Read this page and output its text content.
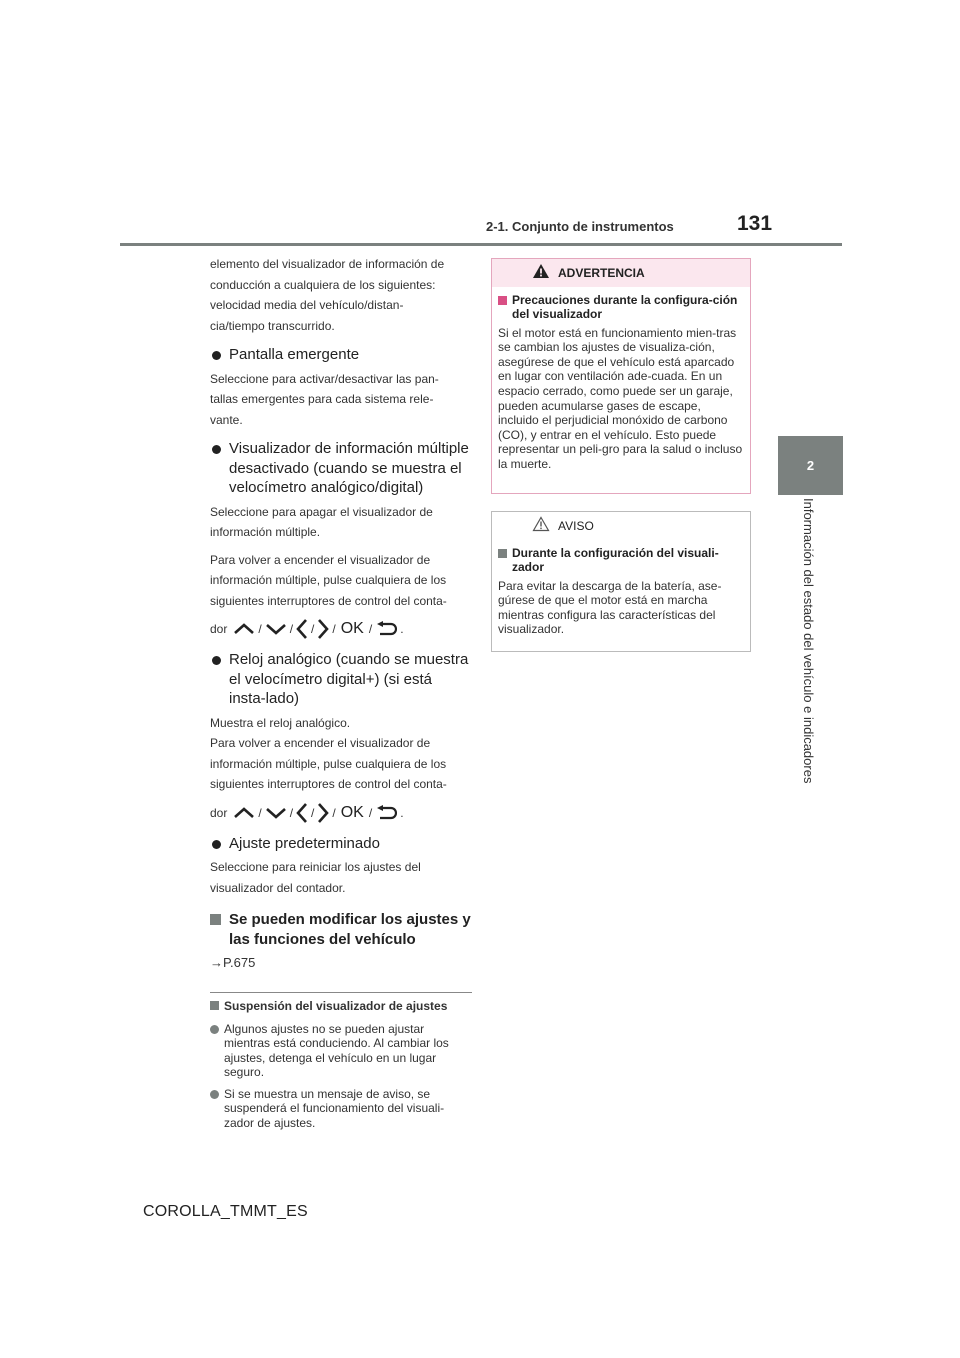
2-1. Conjunto de instrumentos	131
2
Información del estado del vehículo e indicadores
elemento del visualizador de información de
conducción a cualquiera de los siguientes:
velocidad media del vehículo/distan-
cia/tiempo transcurrido.
Pantalla emergente
Seleccione para activar/desactivar las pan-
tallas emergentes para cada sistema rele-
vante.
Visualizador de información múltiple desactivado (cuando se muestra el velocímetro analógico/digital)
Seleccione para apagar el visualizador de
información múltiple.
Para volver a encender el visualizador de
información múltiple, pulse cualquiera de los
siguientes interruptores de control del conta-
dor	/ / / / OK / .
Reloj analógico (cuando se muestra el velocímetro digital+) (si está insta-lado)
Muestra el reloj analógico.
Para volver a encender el visualizador de
información múltiple, pulse cualquiera de los
siguientes interruptores de control del conta-
dor	/ / / / OK / .
Ajuste predeterminado
Seleccione para reiniciar los ajustes del
visualizador del contador.
Se pueden modificar los ajustes y las funciones del vehículo
→P.675
Suspensión del visualizador de ajustes
Algunos ajustes no se pueden ajustar mientras está conduciendo. Al cambiar los ajustes, detenga el vehículo en un lugar seguro.
Si se muestra un mensaje de aviso, se suspenderá el funcionamiento del visuali-zador de ajustes.
ADVERTENCIA
Precauciones durante la configura-ción del visualizador
Si el motor está en funcionamiento mien-tras se cambian los ajustes de visualiza-ción, asegúrese de que el vehículo está aparcado en lugar con ventilación ade-cuada. En un espacio cerrado, como puede ser un garaje, pueden acumularse gases de escape, incluido el perjudicial monóxido de carbono (CO), y entrar en el vehículo. Esto puede representar un peli-gro para la salud o incluso la muerte.
AVISO
Durante la configuración del visuali-zador
Para evitar la descarga de la batería, ase-gúrese de que el motor está en marcha mientras configura las características del visualizador.
COROLLA_TMMT_ES
